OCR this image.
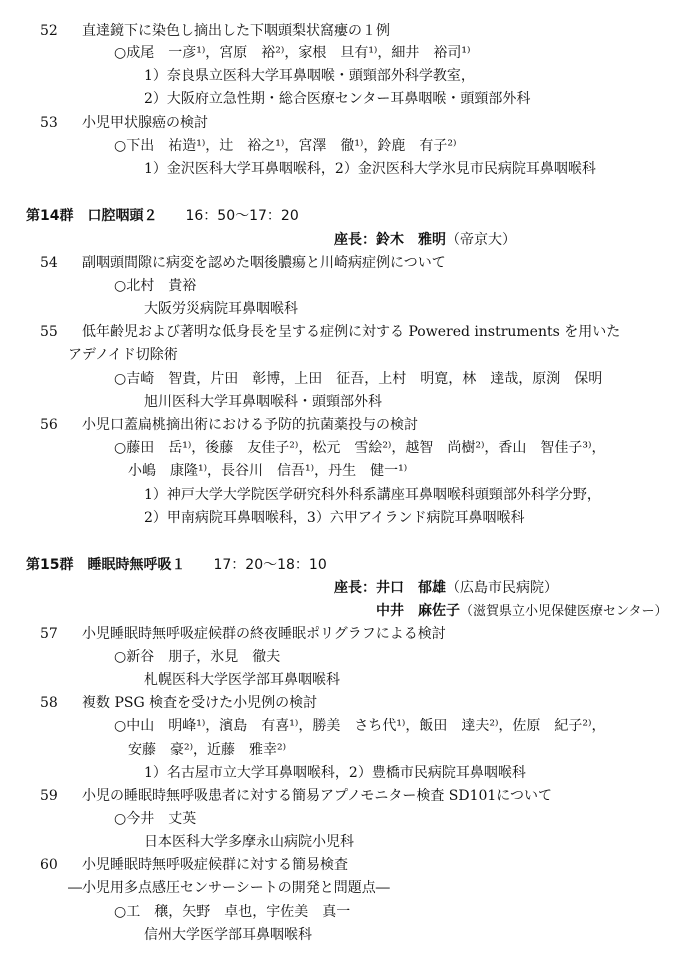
52 直達鏡下に染色し摘出した下咽頭梨状窩瘻の１例
○成尾　一彦¹⁾，宮原　裕²⁾，家根　旦有¹⁾，細井　裕司¹⁾
1）奈良県立医科大学耳鼻咽喉・頭頸部外科学教室，
2）大阪府立急性期・総合医療センター耳鼻咽喉・頭頸部外科
53 小児甲状腺癌の検討
○下出　祐造¹⁾，辻　裕之¹⁾，宮澤　徹¹⁾，鈴鹿　有子²⁾
1）金沢医科大学耳鼻咽喉科，2）金沢医科大学氷見市民病院耳鼻咽喉科
第14群　口腔咽頭２ 16：50〜17：20
座長：鈴木　雅明（帝京大）
54 副咽頭間隙に病変を認めた咽後膿瘍と川崎病症例について
○北村　貴裕
大阪労災病院耳鼻咽喉科
55 低年齢児および著明な低身長を呈する症例に対する Powered instruments を用いた
アデノイド切除術
○吉崎　智貴，片田　彰博，上田　征吾，上村　明寛，林　達哉，原渕　保明
旭川医科大学耳鼻咽喉科・頭頸部外科
56 小児口蓋扁桃摘出術における予防的抗菌薬投与の検討
○藤田　岳¹⁾，後藤　友佳子²⁾，松元　雪絵²⁾，越智　尚樹²⁾，香山　智佳子³⁾，
小嶋　康隆¹⁾，長谷川　信吾¹⁾，丹生　健一¹⁾
1）神戸大学大学院医学研究科外科系講座耳鼻咽喉科頭頸部外科学分野，
2）甲南病院耳鼻咽喉科，3）六甲アイランド病院耳鼻咽喉科
第15群　睡眠時無呼吸１ 17：20〜18：10
座長：井口　郁雄（広島市民病院）
中井　麻佐子（滋賀県立小児保健医療センター）
57 小児睡眠時無呼吸症候群の終夜睡眠ポリグラフによる検討
○新谷　朋子，氷見　徹夫
札幌医科大学医学部耳鼻咽喉科
58 複数 PSG 検査を受けた小児例の検討
○中山　明峰¹⁾，濱島　有喜¹⁾，勝美　さち代¹⁾，飯田　達夫²⁾，佐原　紀子²⁾，
安藤　豪²⁾，近藤　雅幸²⁾
1）名古屋市立大学耳鼻咽喉科，2）豊橋市民病院耳鼻咽喉科
59 小児の睡眠時無呼吸患者に対する簡易アプノモニター検査 SD101について
○今井　丈英
日本医科大学多摩永山病院小児科
60 小児睡眠時無呼吸症候群に対する簡易検査
―小児用多点感圧センサーシートの開発と問題点―
○工　穣，矢野　卓也，宇佐美　真一
信州大学医学部耳鼻咽喉科
